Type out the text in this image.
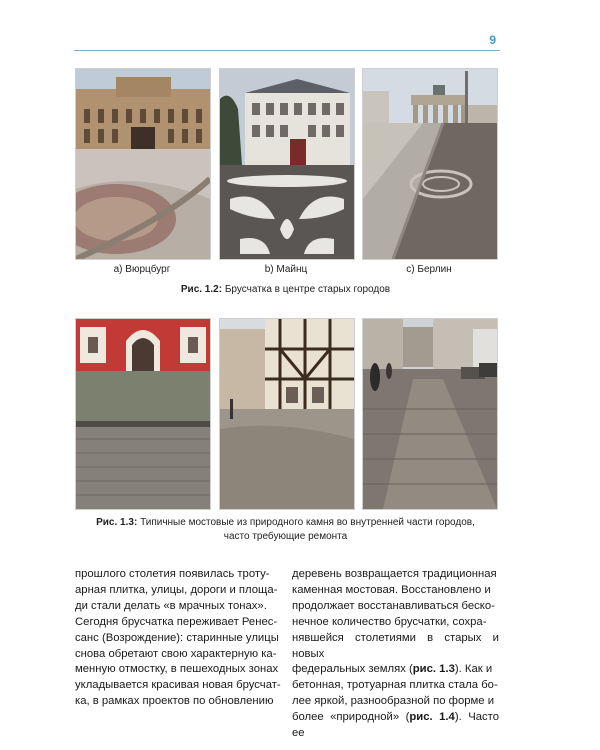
9
а) Вюрцбург	b) Майнц	с) Берлин
Рис. 1.2: Брусчатка в центре старых городов
Рис. 1.3: Типичные мостовые из природного камня во внутренней части городов,
часто требующие ремонта

прошлого столетия появилась троту-

арная плитка, улицы, дороги и площа-

ди стали делать «в мрачных тонах».

Сегодня брусчатка переживает Ренес-

санс (Возрождение): старинные улицы

снова обретают свою характерную ка-

менную отмостку, в пешеходных зонах

укладывается красивая новая брусчат-

ка, в рамках проектов по обновлению

деревень возвращается традиционная

каменная мостовая. Восстановлено и

продолжает восстанавливаться беско-

нечное количество брусчатки, сохра-

нявшейся столетиями в старых и новых

федеральных землях (рис. 1.3). Как и

бетонная, тротуарная плитка стала бо-

лее яркой, разнообразной по форме и

более «природной» (рис. 1.4). Часто ее
